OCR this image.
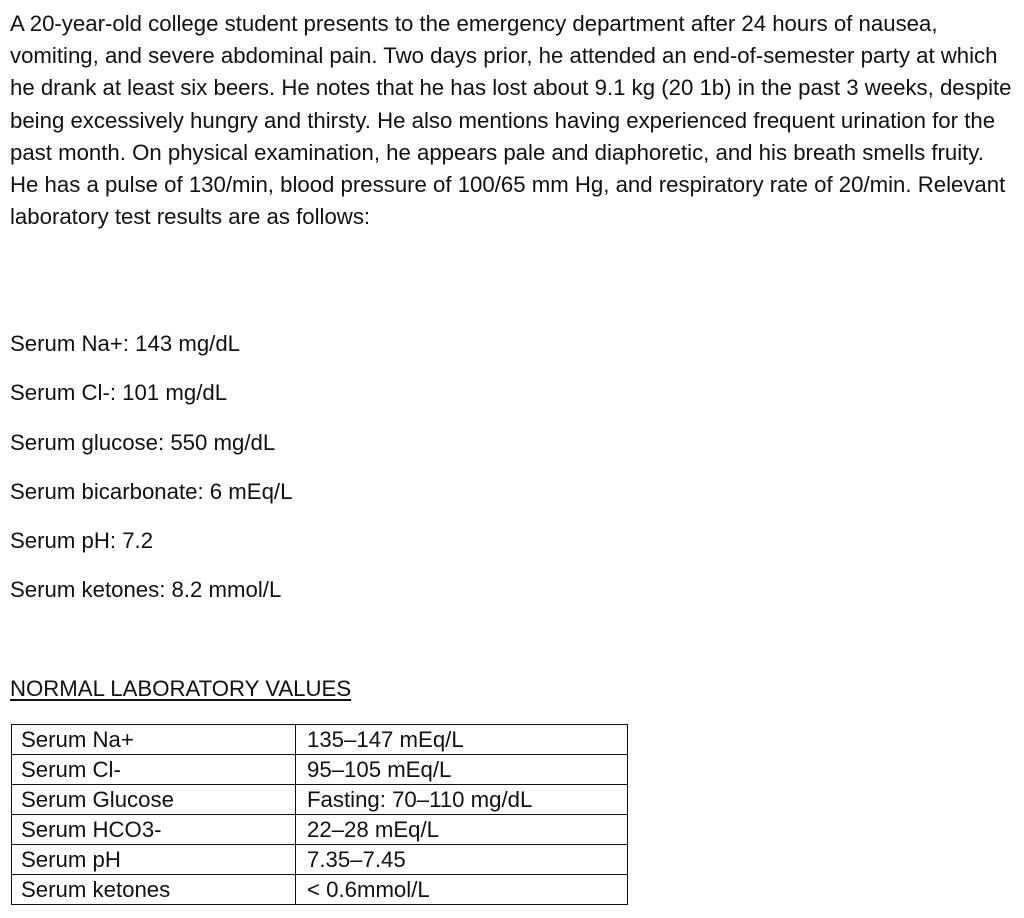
A 20-year-old college student presents to the emergency department after 24 hours of nausea, vomiting, and severe abdominal pain. Two days prior, he attended an end-of-semester party at which he drank at least six beers. He notes that he has lost about 9.1 kg (20 1b) in the past 3 weeks, despite being excessively hungry and thirsty. He also mentions having experienced frequent urination for the past month. On physical examination, he appears pale and diaphoretic, and his breath smells fruity. He has a pulse of 130/min, blood pressure of 100/65 mm Hg, and respiratory rate of 20/min. Relevant laboratory test results are as follows:

Serum Na+: 143 mg/dL
Serum Cl-: 101 mg/dL
Serum glucose: 550 mg/dL
Serum bicarbonate: 6 mEq/L
Serum pH: 7.2
Serum ketones: 8.2 mmol/L

NORMAL LABORATORY VALUES

Serum Na+	135–147 mEq/L
Serum Cl-	95–105 mEq/L
Serum Glucose	Fasting: 70–110 mg/dL
Serum HCO3-	22–28 mEq/L
Serum pH	7.35–7.45
Serum ketones	< 0.6mmol/L
